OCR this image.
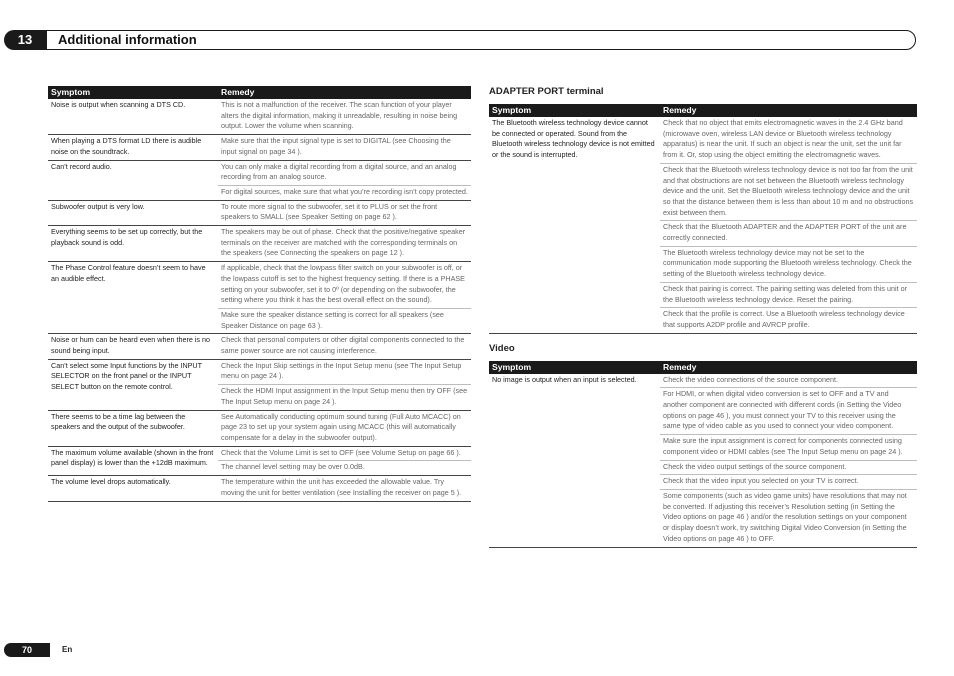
13	Additional information
Symptom	Remedy
Noise is output when scanning a DTS CD.	This is not a malfunction of the receiver. The scan function of your player alters the digital information, making it unreadable, resulting in noise being output. Lower the volume when scanning.
When playing a DTS format LD there is audible noise on the soundtrack.	Make sure that the input signal type is set to DIGITAL (see Choosing the input signal on page 34 ).
Can’t record audio.	You can only make a digital recording from a digital source, and an analog recording from an analog source.
	For digital sources, make sure that what you’re recording isn’t copy protected.
Subwoofer output is very low.	To route more signal to the subwoofer, set it to PLUS or set the front speakers to SMALL (see Speaker Setting on page 62 ).
Everything seems to be set up correctly, but the playback sound is odd.	The speakers may be out of phase. Check that the positive/negative speaker terminals on the receiver are matched with the corresponding terminals on the speakers (see Connecting the speakers on page 12 ).
The Phase Control feature doesn’t seem to have an audible effect.	If applicable, check that the lowpass filter switch on your subwoofer is off, or the lowpass cutoff is set to the highest frequency setting. If there is a PHASE setting on your subwoofer, set it to 0º (or depending on the subwoofer, the setting where you think it has the best overall effect on the sound).
	Make sure the speaker distance setting is correct for all speakers (see Speaker Distance on page 63 ).
Noise or hum can be heard even when there is no sound being input.	Check that personal computers or other digital components connected to the same power source are not causing interference.
Can’t select some Input functions by the INPUT SELECTOR on the front panel or the INPUT SELECT button on the remote control.	Check the Input Skip settings in the Input Setup menu (see The Input Setup menu on page 24 ).
	Check the HDMI Input assignment in the Input Setup menu then try OFF (see The Input Setup menu on page 24 ).
There seems to be a time lag between the speakers and the output of the subwoofer.	See Automatically conducting optimum sound tuning (Full Auto MCACC) on page 23 to set up your system again using MCACC (this will automatically compensate for a delay in the subwoofer output).
The maximum volume available (shown in the front panel display) is lower than the +12dB maximum.	Check that the Volume Limit is set to OFF (see Volume Setup on page 66 ).
	The channel level setting may be over 0.0dB.
The volume level drops automatically.	The temperature within the unit has exceeded the allowable value. Try moving the unit for better ventilation (see Installing the receiver on page 5 ).
ADAPTER PORT terminal
Symptom	Remedy
The Bluetooth wireless technology device cannot be connected or operated. Sound from the Bluetooth wireless technology device is not emitted or the sound is interrupted.	Check that no object that emits electromagnetic waves in the 2.4 GHz band (microwave oven, wireless LAN device or Bluetooth wireless technology apparatus) is near the unit. If such an object is near the unit, set the unit far from it. Or, stop using the object emitting the electromagnetic waves.
	Check that the Bluetooth wireless technology device is not too far from the unit and that obstructions are not set between the Bluetooth wireless technology device and the unit. Set the Bluetooth wireless technology device and the unit so that the distance between them is less than about 10 m and no obstructions exist between them.
	Check that the Bluetooth ADAPTER and the ADAPTER PORT of the unit are correctly connected.
	The Bluetooth wireless technology device may not be set to the communication mode supporting the Bluetooth wireless technology. Check the setting of the Bluetooth wireless technology device.
	Check that pairing is correct. The pairing setting was deleted from this unit or the Bluetooth wireless technology device. Reset the pairing.
	Check that the profile is correct. Use a Bluetooth wireless technology device that supports A2DP profile and AVRCP profile.
Video
Symptom	Remedy
No image is output when an input is selected.	Check the video connections of the source component.
	For HDMI, or when digital video conversion is set to OFF and a TV and another component are connected with different cords (in Setting the Video options on page 46 ), you must connect your TV to this receiver using the same type of video cable as you used to connect your video component.
	Make sure the input assignment is correct for components connected using component video or HDMI cables (see The Input Setup menu on page 24 ).
	Check the video output settings of the source component.
	Check that the video input you selected on your TV is correct.
	Some components (such as video game units) have resolutions that may not be converted. If adjusting this receiver’s Resolution setting (in Setting the Video options on page 46 ) and/or the resolution settings on your component or display doesn’t work, try switching Digital Video Conversion (in Setting the Video options on page 46 ) to OFF.
70	En
